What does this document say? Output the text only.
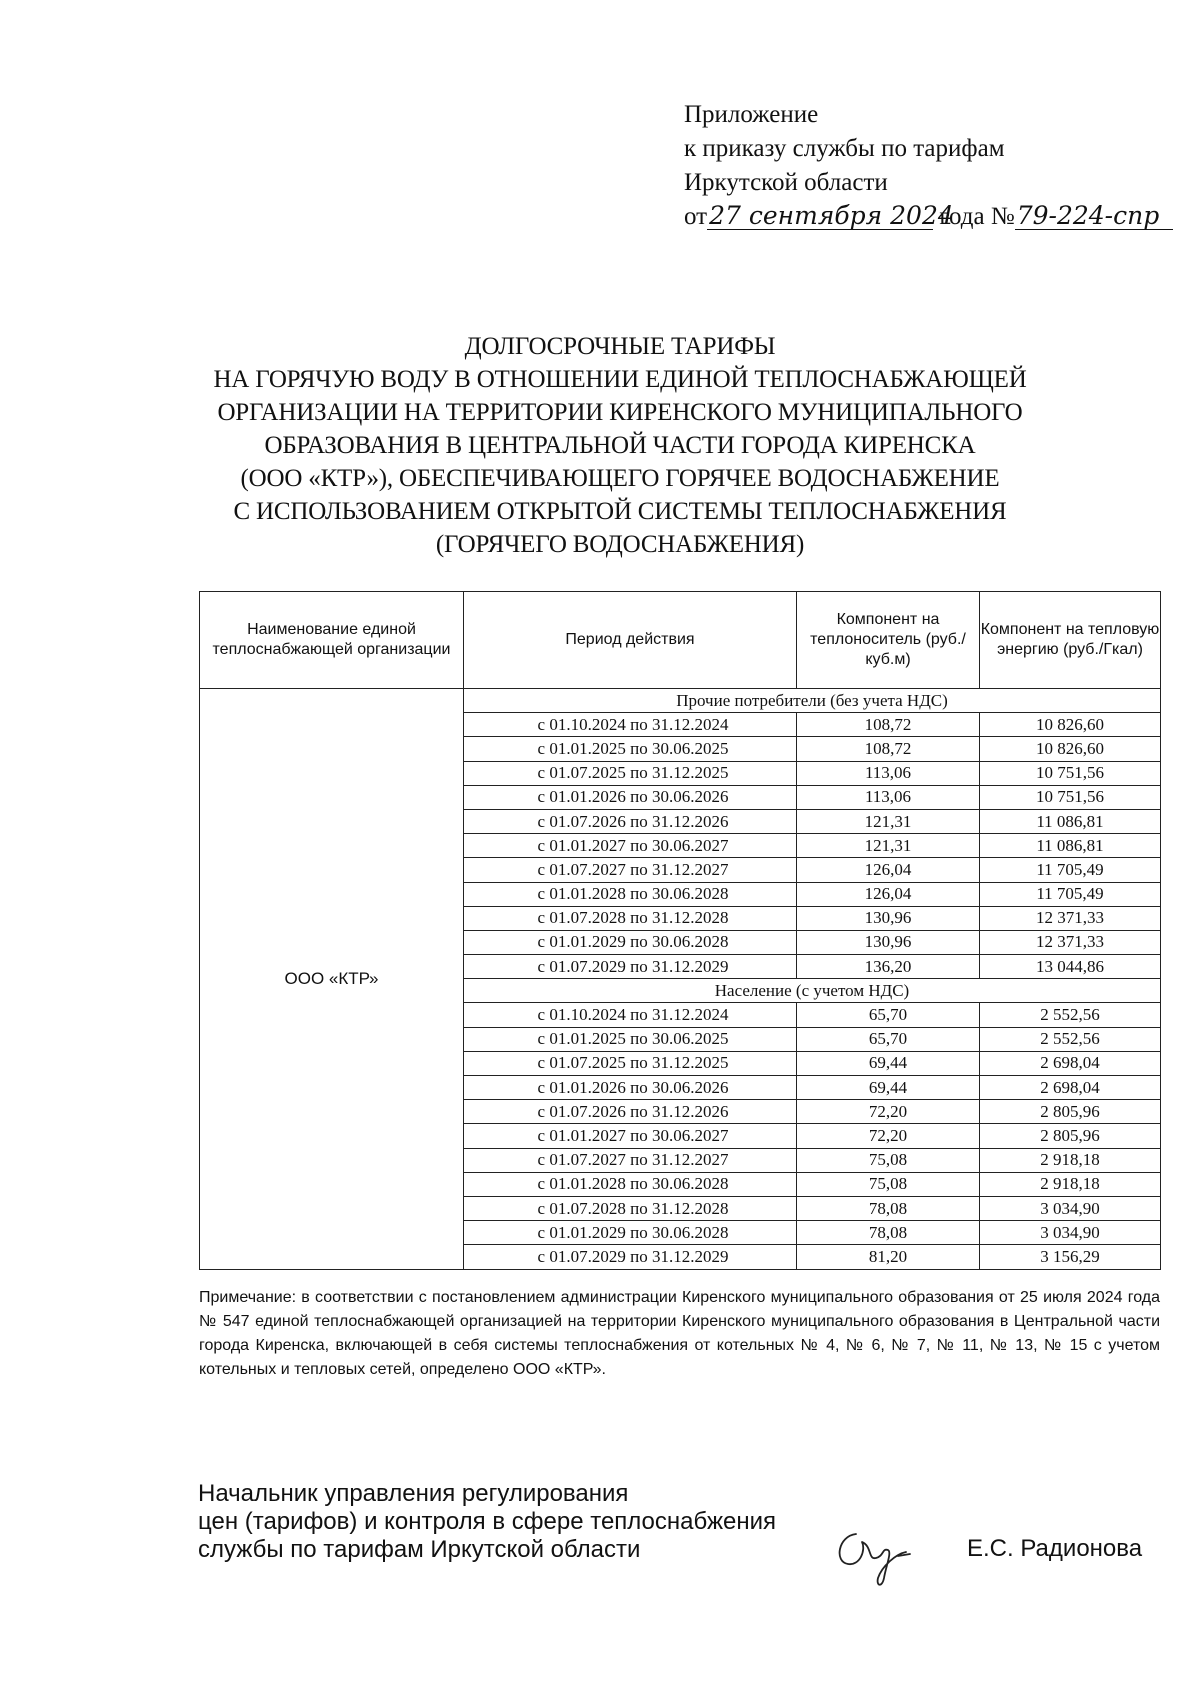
Приложение
к приказу службы по тарифам
Иркутской области
от27 сентября 2024 года №79-224-спр
ДОЛГОСРОЧНЫЕ ТАРИФЫ
НА ГОРЯЧУЮ ВОДУ В ОТНОШЕНИИ ЕДИНОЙ ТЕПЛОСНАБЖАЮЩЕЙ
ОРГАНИЗАЦИИ НА ТЕРРИТОРИИ КИРЕНСКОГО МУНИЦИПАЛЬНОГО
ОБРАЗОВАНИЯ В ЦЕНТРАЛЬНОЙ ЧАСТИ ГОРОДА КИРЕНСКА
(ООО «КТР»), ОБЕСПЕЧИВАЮЩЕГО ГОРЯЧЕЕ ВОДОСНАБЖЕНИЕ
С ИСПОЛЬЗОВАНИЕМ ОТКРЫТОЙ СИСТЕМЫ ТЕПЛОСНАБЖЕНИЯ
(ГОРЯЧЕГО ВОДОСНАБЖЕНИЯ)
Наименование единой теплоснабжающей организации	Период действия	Компонент на теплоноситель (руб./куб.м)	Компонент на тепловую энергию (руб./Гкал)
ООО «КТР»	Прочие потребители (без учета НДС)		
	с 01.10.2024 по 31.12.2024	108,72	10 826,60
	с 01.01.2025 по 30.06.2025	108,72	10 826,60
	с 01.07.2025 по 31.12.2025	113,06	10 751,56
	с 01.01.2026 по 30.06.2026	113,06	10 751,56
	с 01.07.2026 по 31.12.2026	121,31	11 086,81
	с 01.01.2027 по 30.06.2027	121,31	11 086,81
	с 01.07.2027 по 31.12.2027	126,04	11 705,49
	с 01.01.2028 по 30.06.2028	126,04	11 705,49
	с 01.07.2028 по 31.12.2028	130,96	12 371,33
	с 01.01.2029 по 30.06.2028	130,96	12 371,33
	с 01.07.2029 по 31.12.2029	136,20	13 044,86
	Население (с учетом НДС)		
	с 01.10.2024 по 31.12.2024	65,70	2 552,56
	с 01.01.2025 по 30.06.2025	65,70	2 552,56
	с 01.07.2025 по 31.12.2025	69,44	2 698,04
	с 01.01.2026 по 30.06.2026	69,44	2 698,04
	с 01.07.2026 по 31.12.2026	72,20	2 805,96
	с 01.01.2027 по 30.06.2027	72,20	2 805,96
	с 01.07.2027 по 31.12.2027	75,08	2 918,18
	с 01.01.2028 по 30.06.2028	75,08	2 918,18
	с 01.07.2028 по 31.12.2028	78,08	3 034,90
	с 01.01.2029 по 30.06.2028	78,08	3 034,90
	с 01.07.2029 по 31.12.2029	81,20	3 156,29
Примечание: в соответствии с постановлением администрации Киренского муниципального образования от 25 июля 2024 года № 547 единой теплоснабжающей организацией на территории Киренского муниципального образования в Центральной части города Киренска, включающей в себя системы теплоснабжения от котельных № 4, № 6, № 7, № 11, № 13, № 15 с учетом котельных и тепловых сетей, определено ООО «КТР».
Начальник управления регулирования
цен (тарифов) и контроля в сфере теплоснабжения
службы по тарифам Иркутской области	Е.С. Радионова
